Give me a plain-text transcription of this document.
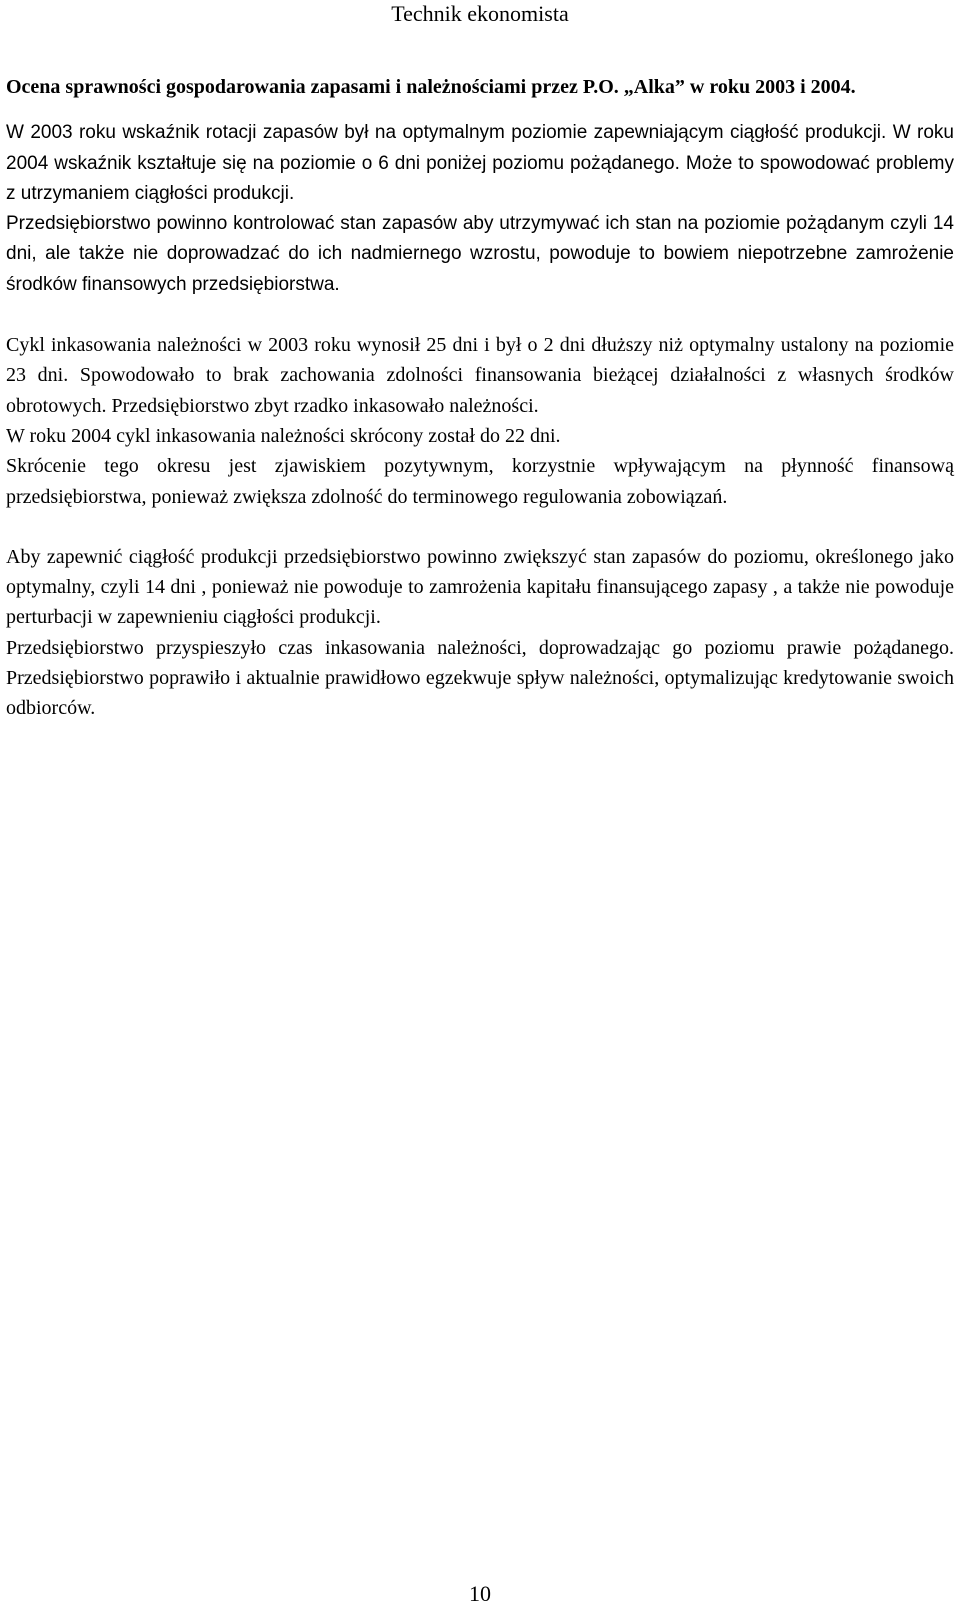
Technik ekonomista

Ocena sprawności gospodarowania zapasami i należnościami przez P.O. „Alka” w roku 2003 i 2004.

W 2003 roku wskaźnik rotacji zapasów był na optymalnym poziomie zapewniającym ciągłość produkcji. W roku 2004 wskaźnik kształtuje się na poziomie o 6 dni poniżej poziomu pożądanego. Może to spowodować problemy z utrzymaniem ciągłości produkcji.

Przedsiębiorstwo powinno kontrolować stan zapasów aby utrzymywać ich stan na poziomie pożądanym czyli 14 dni, ale także nie doprowadzać do ich nadmiernego wzrostu, powoduje to bowiem niepotrzebne zamrożenie środków finansowych przedsiębiorstwa.

Cykl inkasowania należności w 2003 roku wynosił 25 dni i był o 2 dni dłuższy niż optymalny ustalony na poziomie 23 dni. Spowodowało to brak zachowania zdolności finansowania bieżącej działalności z własnych środków obrotowych. Przedsiębiorstwo zbyt rzadko inkasowało należności.

W roku 2004 cykl inkasowania należności skrócony został do 22 dni.

Skrócenie tego okresu jest zjawiskiem pozytywnym, korzystnie wpływającym na płynność finansową przedsiębiorstwa, ponieważ zwiększa zdolność do terminowego regulowania zobowiązań.

Aby zapewnić ciągłość produkcji przedsiębiorstwo powinno zwiększyć stan zapasów do poziomu, określonego jako optymalny, czyli 14 dni , ponieważ nie powoduje to zamrożenia kapitału finansującego zapasy , a także nie powoduje perturbacji w zapewnieniu ciągłości produkcji.

Przedsiębiorstwo przyspieszyło czas inkasowania należności, doprowadzając go poziomu prawie pożądanego. Przedsiębiorstwo poprawiło i aktualnie prawidłowo egzekwuje spływ należności, optymalizując kredytowanie swoich odbiorców.

10
